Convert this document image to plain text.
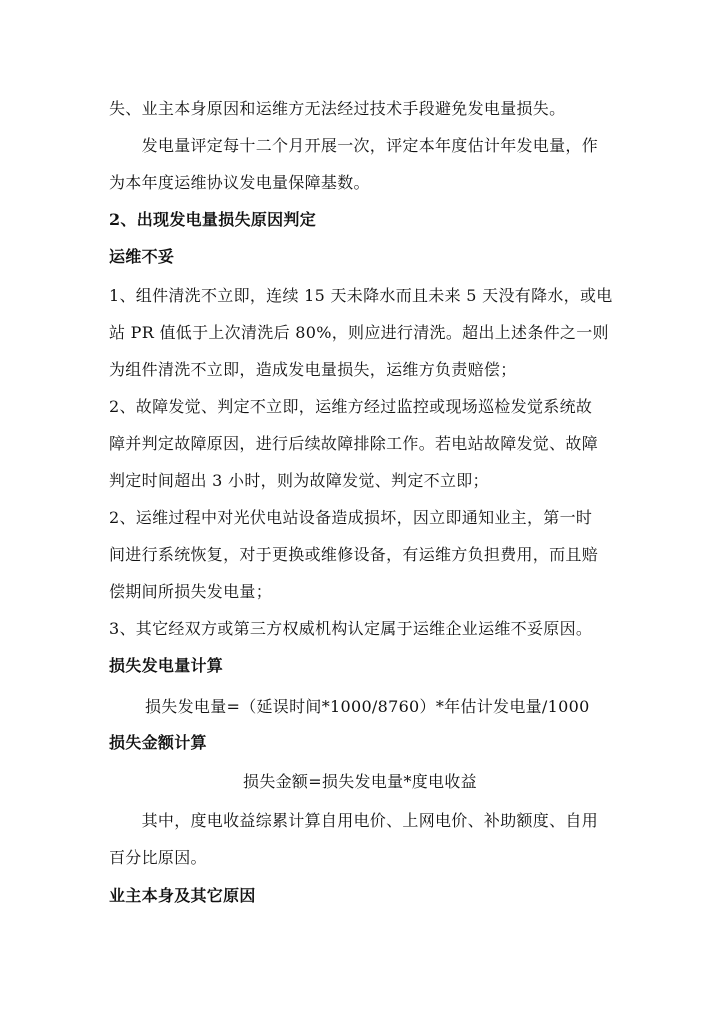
失、业主本身原因和运维方无法经过技术手段避免发电量损失。
　　发电量评定每十二个月开展一次，评定本年度估计年发电量，作
为本年度运维协议发电量保障基数。
2、出现发电量损失原因判定
运维不妥
1、组件清洗不立即，连续 15 天未降水而且未来 5 天没有降水，或电
站 PR 值低于上次清洗后 80%，则应进行清洗。超出上述条件之一则
为组件清洗不立即，造成发电量损失，运维方负责赔偿；
2、故障发觉、判定不立即，运维方经过监控或现场巡检发觉系统故
障并判定故障原因，进行后续故障排除工作。若电站故障发觉、故障
判定时间超出 3 小时，则为故障发觉、判定不立即；
2、运维过程中对光伏电站设备造成损坏，因立即通知业主，第一时
间进行系统恢复，对于更换或维修设备，有运维方负担费用，而且赔
偿期间所损失发电量；
3、其它经双方或第三方权威机构认定属于运维企业运维不妥原因。
损失发电量计算
损失发电量=（延误时间*1000/8760）*年估计发电量/1000
损失金额计算
损失金额=损失发电量*度电收益
　　其中，度电收益综累计算自用电价、上网电价、补助额度、自用
百分比原因。
业主本身及其它原因
